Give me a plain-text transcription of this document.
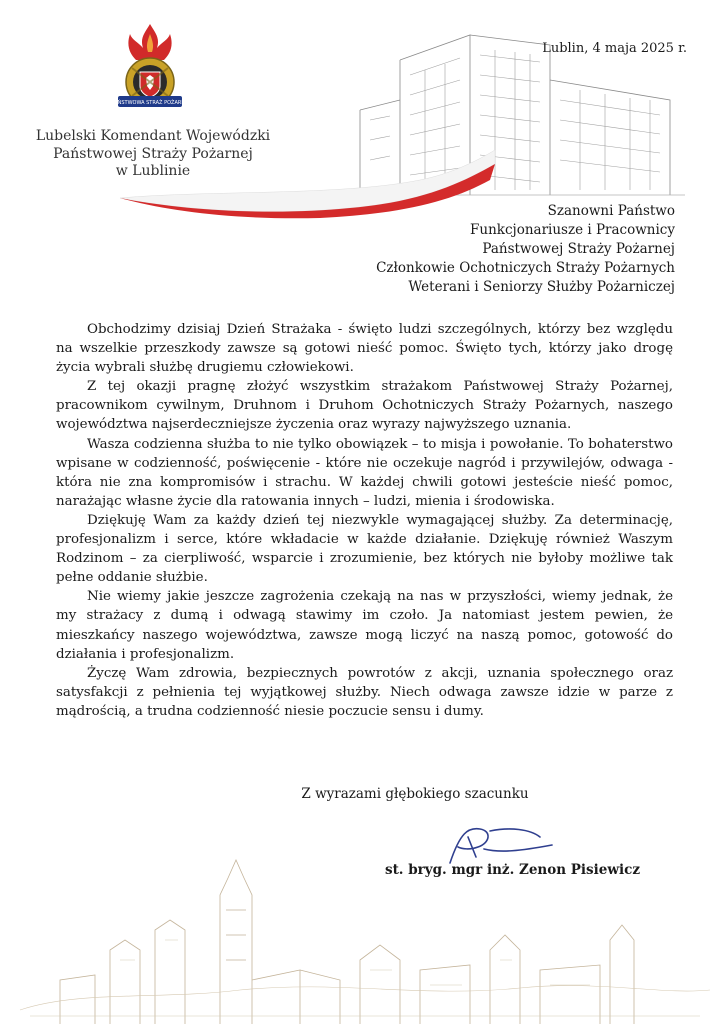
PAŃSTWOWA STRAŻ POŻARNA
Lublin, 4 maja 2025 r.
Lubelski Komendant Wojewódzki
Państwowej Straży Pożarnej
w Lublinie
Szanowni Państwo
Funkcjonariusze i Pracownicy
Państwowej Straży Pożarnej
Członkowie Ochotniczych Straży Pożarnych
Weterani i Seniorzy Służby Pożarniczej

Obchodzimy dzisiaj Dzień Strażaka - święto ludzi szczególnych, którzy bez względu na wszelkie przeszkody zawsze są gotowi nieść pomoc. Święto tych, którzy jako drogę życia wybrali służbę drugiemu człowiekowi.

Z tej okazji pragnę złożyć wszystkim strażakom Państwowej Straży Pożarnej, pracownikom cywilnym, Druhnom i Druhom Ochotniczych Straży Pożarnych, naszego województwa najserdeczniejsze życzenia oraz wyrazy najwyższego uznania.

Wasza codzienna służba to nie tylko obowiązek – to misja i powołanie. To bohaterstwo wpisane w codzienność, poświęcenie - które nie oczekuje nagród i przywilejów, odwaga - która nie zna kompromisów i strachu. W każdej chwili gotowi jesteście nieść pomoc, narażając własne życie dla ratowania innych – ludzi, mienia i środowiska.

Dziękuję Wam za każdy dzień tej niezwykle wymagającej służby. Za determinację, profesjonalizm i serce, które wkładacie w każde działanie. Dziękuję również Waszym Rodzinom – za cierpliwość, wsparcie i zrozumienie, bez których nie byłoby możliwe tak pełne oddanie służbie.

Nie wiemy jakie jeszcze zagrożenia czekają na nas w przyszłości, wiemy jednak, że my strażacy z dumą i odwagą stawimy im czoło. Ja natomiast jestem pewien, że mieszkańcy naszego województwa, zawsze mogą liczyć na naszą pomoc, gotowość do działania i profesjonalizm.

Życzę Wam zdrowia, bezpiecznych powrotów z akcji, uznania społecznego oraz satysfakcji z pełnienia tej wyjątkowej służby. Niech odwaga zawsze idzie w parze z mądrością, a trudna codzienność niesie poczucie sensu i dumy.

Z wyrazami głębokiego szacunku
st. bryg. mgr inż. Zenon Pisiewicz
